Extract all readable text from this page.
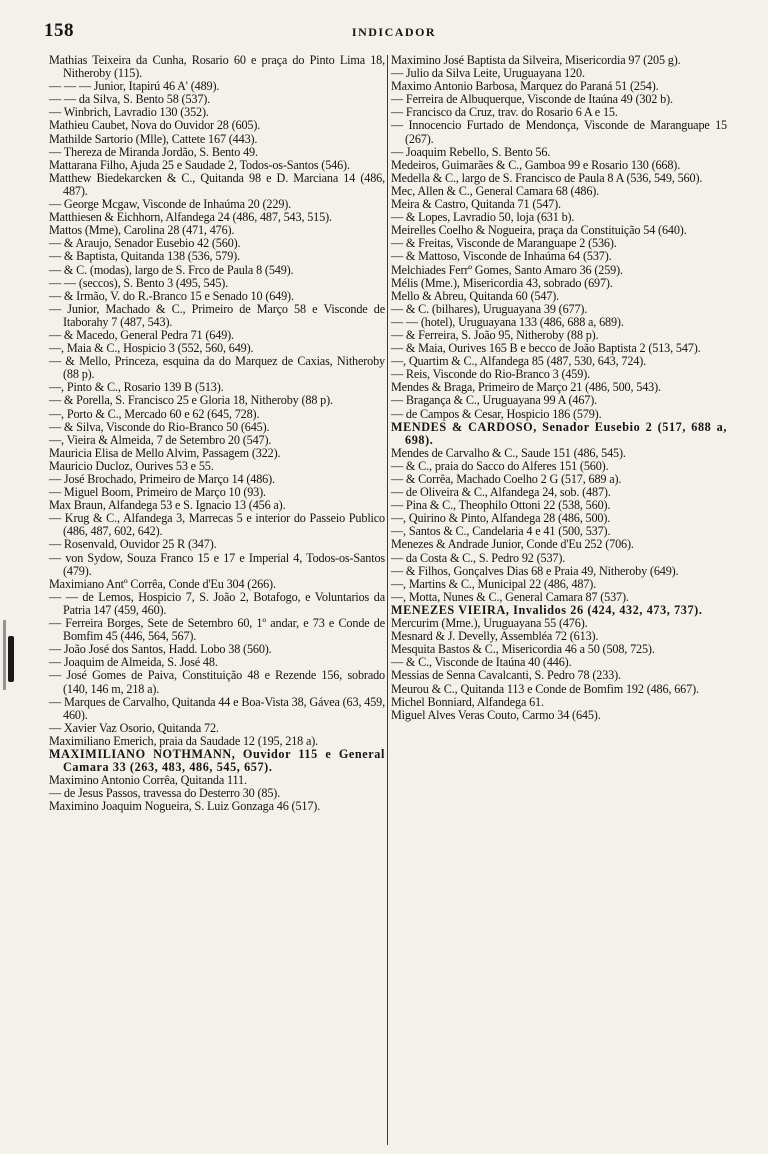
158	INDICADOR
Mathias Teixeira da Cunha, Rosario 60 e praça do Pinto Lima 18, Nitheroby (115).
— — — Junior, Itapirú 46 A' (489).
— — da Silva, S. Bento 58 (537).
— Winbrich, Lavradio 130 (352).
Mathieu Caubet, Nova do Ouvidor 28 (605).
Mathilde Sartorio (Mlle), Cattete 167 (443).
— Thereza de Miranda Jordão, S. Bento 49.
Mattarana Filho, Ajuda 25 e Saudade 2, Todos-os-Santos (546).
Matthew Biedekarcken & C., Quitanda 98 e D. Marciana 14 (486, 487).
— George Mcgaw, Visconde de Inhaúma 20 (229).
Matthiesen & Eichhorn, Alfandega 24 (486, 487, 543, 515).
Mattos (Mme), Carolina 28 (471, 476).
— & Araujo, Senador Eusebio 42 (560).
— & Baptista, Quitanda 138 (536, 579).
— & C. (modas), largo de S. Frco de Paula 8 (549).
— — (seccos), S. Bento 3 (495, 545).
— & Irmão, V. do R.-Branco 15 e Senado 10 (649).
— Junior, Machado & C., Primeiro de Março 58 e Visconde de Itaborahy 7 (487, 543).
— & Macedo, General Pedra 71 (649).
—, Maia & C., Hospicio 3 (552, 560, 649).
— & Mello, Princeza, esquina da do Marquez de Caxias, Nitheroby (88 p).
—, Pinto & C., Rosario 139 B (513).
— & Porella, S. Francisco 25 e Gloria 18, Nitheroby (88 p).
—, Porto & C., Mercado 60 e 62 (645, 728).
— & Silva, Visconde do Rio-Branco 50 (645).
—, Vieira & Almeida, 7 de Setembro 20 (547).
Mauricia Elisa de Mello Alvim, Passagem (322).
Mauricio Ducloz, Ourives 53 e 55.
— José Brochado, Primeiro de Março 14 (486).
— Miguel Boom, Primeiro de Março 10 (93).
Max Braun, Alfandega 53 e S. Ignacio 13 (456 a).
— Krug & C., Alfandega 3, Marrecas 5 e interior do Passeio Publico (486, 487, 602, 642).
— Rosenvald, Ouvidor 25 R (347).
— von Sydow, Souza Franco 15 e 17 e Imperial 4, Todos-os-Santos (479).
Maximiano Antº Corrêa, Conde d'Eu 304 (266).
— — de Lemos, Hospicio 7, S. João 2, Botafogo, e Voluntarios da Patria 147 (459, 460).
— Ferreira Borges, Sete de Setembro 60, 1º andar, e 73 e Conde de Bomfim 45 (446, 564, 567).
— João José dos Santos, Hadd. Lobo 38 (560).
— Joaquim de Almeida, S. José 48.
— José Gomes de Paiva, Constituição 48 e Rezende 156, sobrado (140, 146 m, 218 a).
— Marques de Carvalho, Quitanda 44 e Boa-Vista 38, Gávea (63, 459, 460).
— Xavier Vaz Osorio, Quitanda 72.
Maximiliano Emerich, praia da Saudade 12 (195, 218 a).
MAXIMILIANO NOTHMANN, Ouvidor 115 e General Camara 33 (263, 483, 486, 545, 657).
Maximino Antonio Corrêa, Quitanda 111.
— de Jesus Passos, travessa do Desterro 30 (85).
Maximino Joaquim Nogueira, S. Luiz Gonzaga 46 (517).
Maximino José Baptista da Silveira, Misericordia 97 (205 g).
— Julio da Silva Leite, Uruguayana 120.
Maximo Antonio Barbosa, Marquez do Paraná 51 (254).
— Ferreira de Albuquerque, Visconde de Itaúna 49 (302 b).
— Francisco da Cruz, trav. do Rosario 6 A e 15.
— Innocencio Furtado de Mendonça, Visconde de Maranguape 15 (267).
— Joaquim Rebello, S. Bento 56.
Medeiros, Guimarães & C., Gamboa 99 e Rosario 130 (668).
Medella & C., largo de S. Francisco de Paula 8 A (536, 549, 560).
Mec, Allen & C., General Camara 68 (486).
Meira & Castro, Quitanda 71 (547).
— & Lopes, Lavradio 50, loja (631 b).
Meirelles Coelho & Nogueira, praça da Constituição 54 (640).
— & Freitas, Visconde de Maranguape 2 (536).
— & Mattoso, Visconde de Inhaúma 64 (537).
Melchiades Ferrº Gomes, Santo Amaro 36 (259).
Mélis (Mme.), Misericordia 43, sobrado (697).
Mello & Abreu, Quitanda 60 (547).
— & C. (bilhares), Uruguayana 39 (677).
— — (hotel), Uruguayana 133 (486, 688 a, 689).
— & Ferreira, S. João 95, Nitheroby (88 p).
— & Maia, Ourives 165 B e becco de João Baptista 2 (513, 547).
—, Quartim & C., Alfandega 85 (487, 530, 643, 724).
— Reis, Visconde do Rio-Branco 3 (459).
Mendes & Braga, Primeiro de Março 21 (486, 500, 543).
— Bragança & C., Uruguayana 99 A (467).
— de Campos & Cesar, Hospicio 186 (579).
MENDES & CARDOSO, Senador Eusebio 2 (517, 688 a, 698).
Mendes de Carvalho & C., Saude 151 (486, 545).
— & C., praia do Sacco do Alferes 151 (560).
— & Corrêa, Machado Coelho 2 G (517, 689 a).
— de Oliveira & C., Alfandega 24, sob. (487).
— Pina & C., Theophilo Ottoni 22 (538, 560).
—, Quirino & Pinto, Alfandega 28 (486, 500).
—, Santos & C., Candelaria 4 e 41 (500, 537).
Menezes & Andrade Junior, Conde d'Eu 252 (706).
— da Costa & C., S. Pedro 92 (537).
— & Filhos, Gonçalves Dias 68 e Praia 49, Nitheroby (649).
—, Martins & C., Municipal 22 (486, 487).
—, Motta, Nunes & C., General Camara 87 (537).
MENEZES VIEIRA, Invalidos 26 (424, 432, 473, 737).
Mercurim (Mme.), Uruguayana 55 (476).
Mesnard & J. Develly, Assembléa 72 (613).
Mesquita Bastos & C., Misericordia 46 a 50 (508, 725).
— & C., Visconde de Itaúna 40 (446).
Messias de Senna Cavalcanti, S. Pedro 78 (233).
Meurou & C., Quitanda 113 e Conde de Bomfim 192 (486, 667).
Michel Bonniard, Alfandega 61.
Miguel Alves Veras Couto, Carmo 34 (645).
